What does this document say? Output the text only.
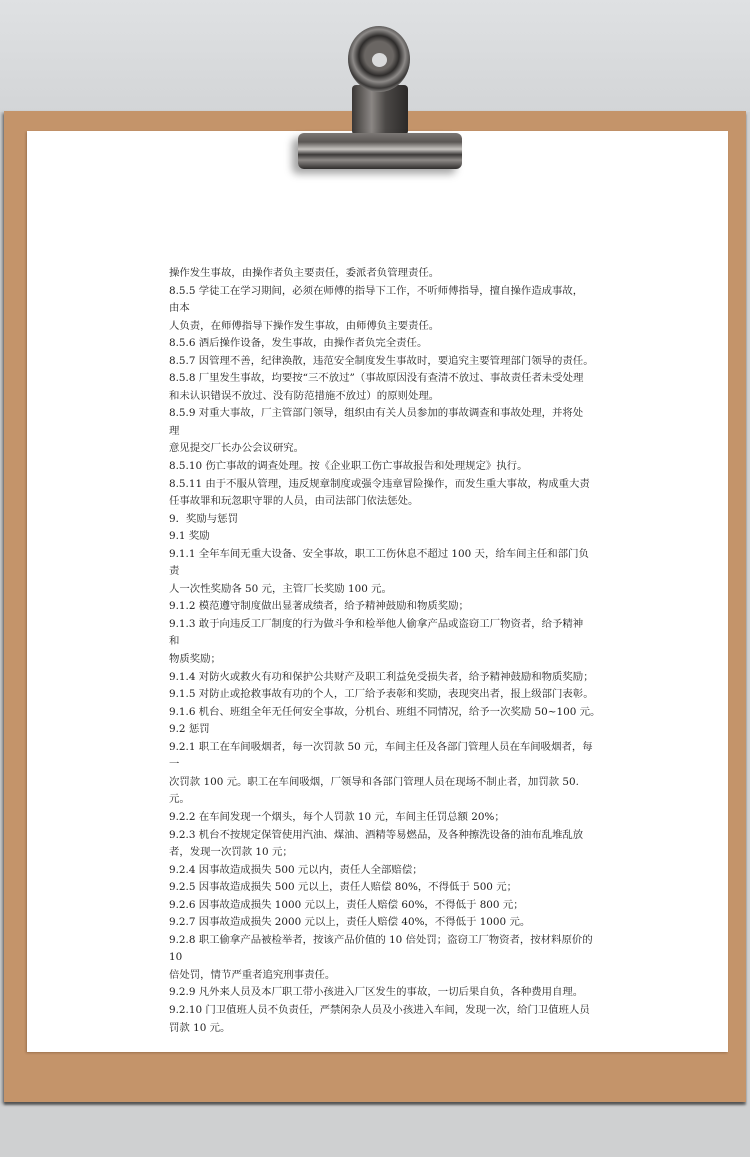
操作发生事故，由操作者负主要责任，委派者负管理责任。
8.5.5 学徒工在学习期间，必须在师傅的指导下工作，不听师傅指导，擅自操作造成事故，
由本
人负责，在师傅指导下操作发生事故，由师傅负主要责任。
8.5.6 酒后操作设备，发生事故，由操作者负完全责任。
8.5.7 因管理不善，纪律涣散，违范安全制度发生事故时，要追究主要管理部门领导的责任。
8.5.8 厂里发生事故，均要按“三不放过”（事故原因没有查清不放过、事故责任者未受处理
和未认识错误不放过、没有防范措施不放过）的原则处理。
8.5.9 对重大事故，厂主管部门领导，组织由有关人员参加的事故调查和事故处理，并将处
理
意见提交厂长办公会议研究。
8.5.10 伤亡事故的调查处理。按《企业职工伤亡事故报告和处理规定》执行。
8.5.11 由于不服从管理，违反规章制度或强令违章冒险操作，而发生重大事故，构成重大责
任事故罪和玩忽职守罪的人员，由司法部门依法惩处。
9．奖励与惩罚
9.1 奖励
9.1.1 全年车间无重大设备、安全事故，职工工伤休息不超过 100 天，给车间主任和部门负
责
人一次性奖励各 50 元，主管厂长奖励 100 元。
9.1.2 模范遵守制度做出显著成绩者，给予精神鼓励和物质奖励；
9.1.3 敢于向违反工厂制度的行为做斗争和检举他人偷拿产品或盗窃工厂物资者，给予精神
和
物质奖励；
9.1.4 对防火或救火有功和保护公共财产及职工利益免受损失者，给予精神鼓励和物质奖励；
9.1.5 对防止或抢救事故有功的个人，工厂给予表彰和奖励，表现突出者，报上级部门表彰。
9.1.6 机台、班组全年无任何安全事故，分机台、班组不同情况，给予一次奖励 50~100 元。
9.2 惩罚
9.2.1 职工在车间吸烟者，每一次罚款 50 元，车间主任及各部门管理人员在车间吸烟者，每
一
次罚款 100 元。职工在车间吸烟，厂领导和各部门管理人员在现场不制止者，加罚款 50.
元。
9.2.2 在车间发现一个烟头，每个人罚款 10 元，车间主任罚总额 20%；
9.2.3 机台不按规定保管使用汽油、煤油、酒精等易燃品，及各种擦洗设备的油布乱堆乱放
者，发现一次罚款 10 元；
9.2.4 因事故造成损失 500 元以内，责任人全部赔偿；
9.2.5 因事故造成损失 500 元以上，责任人赔偿 80%，不得低于 500 元；
9.2.6 因事故造成损失 1000 元以上，责任人赔偿 60%，不得低于 800 元；
9.2.7 因事故造成损失 2000 元以上，责任人赔偿 40%，不得低于 1000 元。
9.2.8 职工偷拿产品被检举者，按该产品价值的 10 倍处罚；盗窃工厂物资者，按材料原价的
10
倍处罚，情节严重者追究刑事责任。
9.2.9 凡外来人员及本厂职工带小孩进入厂区发生的事故，一切后果自负，各种费用自理。
9.2.10 门卫值班人员不负责任，严禁闲杂人员及小孩进入车间，发现一次，给门卫值班人员
罚款 10 元。
